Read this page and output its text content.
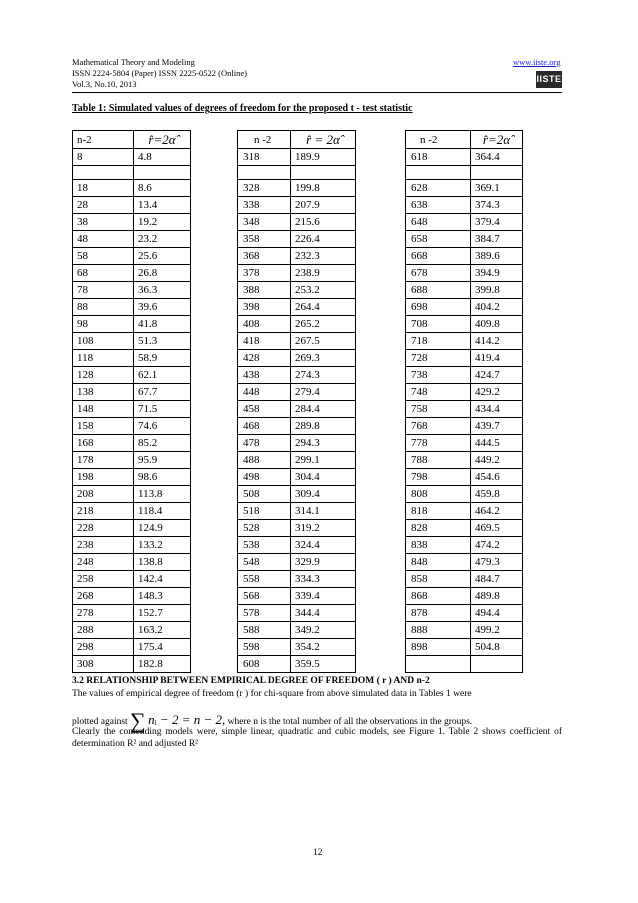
Mathematical Theory and Modeling
ISSN 2224-5804 (Paper) ISSN 2225-0522 (Online)
Vol.3, No.10, 2013
www.iiste.org
IISTE
Table 1: Simulated values of degrees of freedom for the proposed t - test statistic
n-2	r̂=2α̂
8	4.8

18	8.6
28	13.4
38	19.2
48	23.2
58	25.6
68	26.8
78	36.3
88	39.6
98	41.8
108	51.3
118	58.9
128	62.1
138	67.7
148	71.5
158	74.6
168	85.2
178	95.9
198	98.6
208	113.8
218	118.4
228	124.9
238	133.2
248	138.8
258	142.4
268	148.3
278	152.7
288	163.2
298	175.4
308	182.8
n -2	r̂ = 2α̂
318	189.9

328	199.8
338	207.9
348	215.6
358	226.4
368	232.3
378	238.9
388	253.2
398	264.4
408	265.2
418	267.5
428	269.3
438	274.3
448	279.4
458	284.4
468	289.8
478	294.3
488	299.1
498	304.4
508	309.4
518	314.1
528	319.2
538	324.4
548	329.9
558	334.3
568	339.4
578	344.4
588	349.2
598	354.2
608	359.5
n -2	r̂=2α̂
618	364.4

628	369.1
638	374.3
648	379.4
658	384.7
668	389.6
678	394.9
688	399.8
698	404.2
708	409.8
718	414.2
728	419.4
738	424.7
748	429.2
758	434.4
768	439.7
778	444.5
788	449.2
798	454.6
808	459.8
818	464.2
828	469.5
838	474.2
848	479.3
858	484.7
868	489.8
878	494.4
888	499.2
898	504.8

3.2 RELATIONSHIP BETWEEN EMPIRICAL DEGREE OF FREEDOM ( r ) AND n-2
The values of empirical degree of freedom (r ) for chi-square from above simulated data in Tables 1 were
plotted against ∑ nᵢ − 2 = n − 2, where n is the total number of all the observations in the groups.
Clearly the contending models were, simple linear, quadratic and cubic models, see Figure 1. Table 2 shows coefficient of determination R² and adjusted R²
12
